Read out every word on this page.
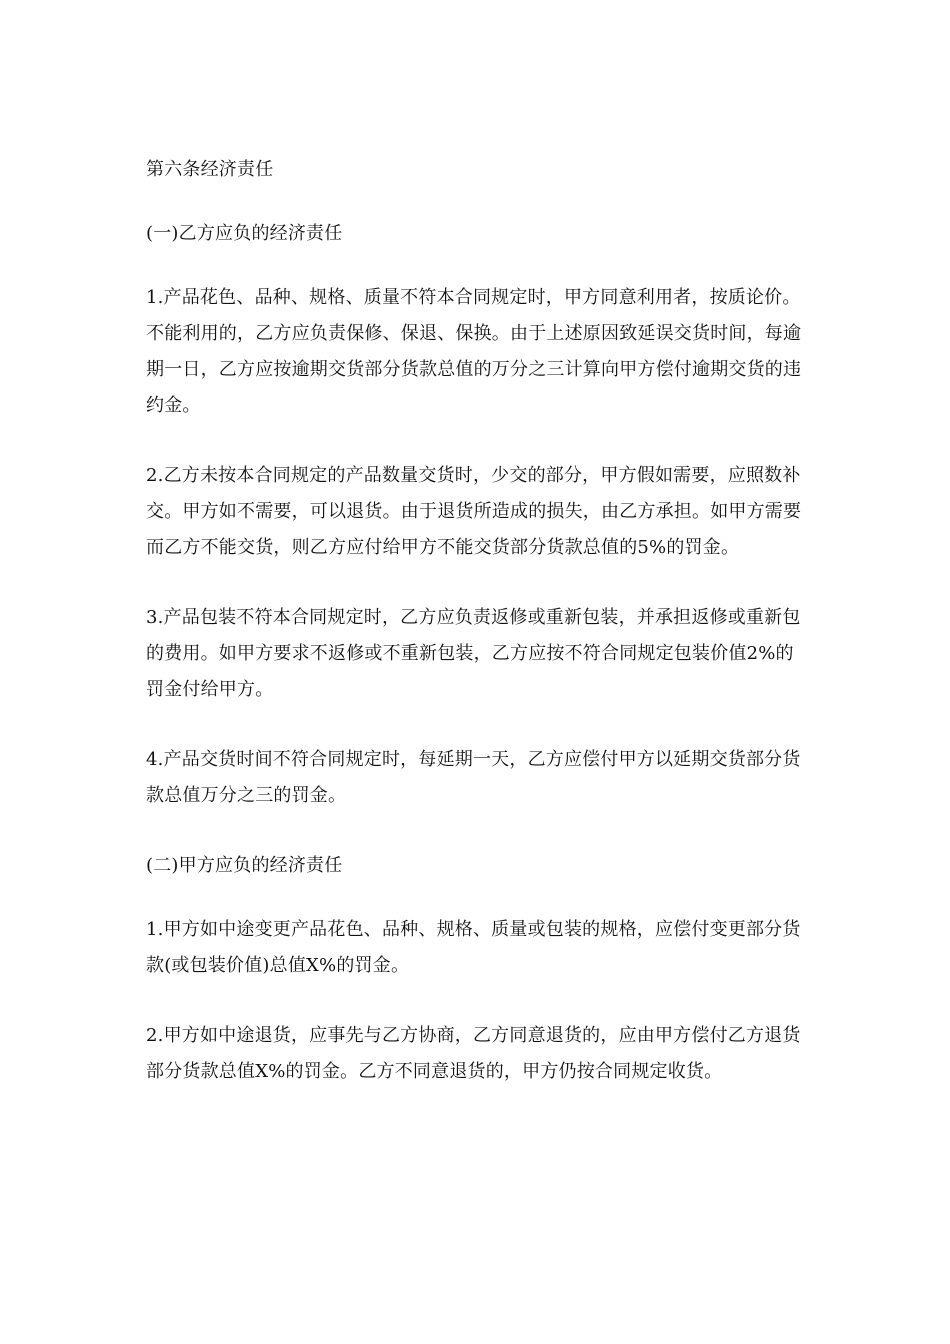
第六条经济责任

(一)乙方应负的经济责任

1.产品花色、品种、规格、质量不符本合同规定时，甲方同意利用者，按质论价。不能利用的，乙方应负责保修、保退、保换。由于上述原因致延误交货时间，每逾期一日，乙方应按逾期交货部分货款总值的万分之三计算向甲方偿付逾期交货的违约金。

2.乙方未按本合同规定的产品数量交货时，少交的部分，甲方假如需要，应照数补交。甲方如不需要，可以退货。由于退货所造成的损失，由乙方承担。如甲方需要而乙方不能交货，则乙方应付给甲方不能交货部分货款总值的5%的罚金。

3.产品包装不符本合同规定时，乙方应负责返修或重新包装，并承担返修或重新包的费用。如甲方要求不返修或不重新包装，乙方应按不符合同规定包装价值2%的罚金付给甲方。

4.产品交货时间不符合同规定时，每延期一天，乙方应偿付甲方以延期交货部分货款总值万分之三的罚金。

(二)甲方应负的经济责任

1.甲方如中途变更产品花色、品种、规格、质量或包装的规格，应偿付变更部分货款(或包装价值)总值X%的罚金。

2.甲方如中途退货，应事先与乙方协商，乙方同意退货的，应由甲方偿付乙方退货部分货款总值X%的罚金。乙方不同意退货的，甲方仍按合同规定收货。
